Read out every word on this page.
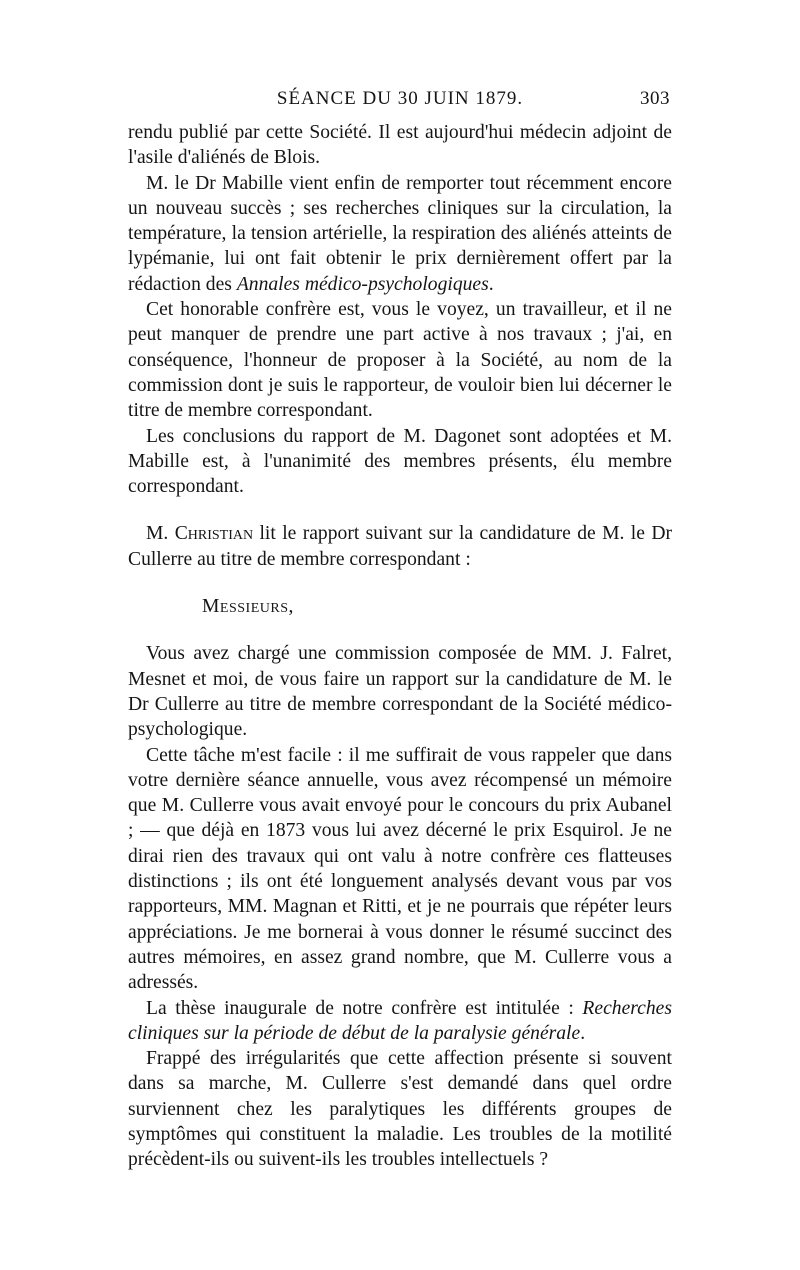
SÉANCE DU 30 JUIN 1879.	303

rendu publié par cette Société. Il est aujourd'hui médecin adjoint de l'asile d'aliénés de Blois.

M. le Dr Mabille vient enfin de remporter tout récemment encore un nouveau succès ; ses recherches cliniques sur la circulation, la température, la tension artérielle, la respiration des aliénés atteints de lypémanie, lui ont fait obtenir le prix dernièrement offert par la rédaction des Annales médico-psychologiques.

Cet honorable confrère est, vous le voyez, un travailleur, et il ne peut manquer de prendre une part active à nos travaux ; j'ai, en conséquence, l'honneur de proposer à la Société, au nom de la commission dont je suis le rapporteur, de vouloir bien lui décerner le titre de membre correspondant.

Les conclusions du rapport de M. Dagonet sont adoptées et M. Mabille est, à l'unanimité des membres présents, élu membre correspondant.

M. Christian lit le rapport suivant sur la candidature de M. le Dr Cullerre au titre de membre correspondant :

Messieurs,

Vous avez chargé une commission composée de MM. J. Falret, Mesnet et moi, de vous faire un rapport sur la candidature de M. le Dr Cullerre au titre de membre correspondant de la Société médico-psychologique.

Cette tâche m'est facile : il me suffirait de vous rappeler que dans votre dernière séance annuelle, vous avez récompensé un mémoire que M. Cullerre vous avait envoyé pour le concours du prix Aubanel ; — que déjà en 1873 vous lui avez décerné le prix Esquirol. Je ne dirai rien des travaux qui ont valu à notre confrère ces flatteuses distinctions ; ils ont été longuement analysés devant vous par vos rapporteurs, MM. Magnan et Ritti, et je ne pourrais que répéter leurs appréciations. Je me bornerai à vous donner le résumé succinct des autres mémoires, en assez grand nombre, que M. Cullerre vous a adressés.

La thèse inaugurale de notre confrère est intitulée : Recherches cliniques sur la période de début de la paralysie générale.

Frappé des irrégularités que cette affection présente si souvent dans sa marche, M. Cullerre s'est demandé dans quel ordre surviennent chez les paralytiques les différents groupes de symptômes qui constituent la maladie. Les troubles de la motilité précèdent-ils ou suivent-ils les troubles intellectuels ?
